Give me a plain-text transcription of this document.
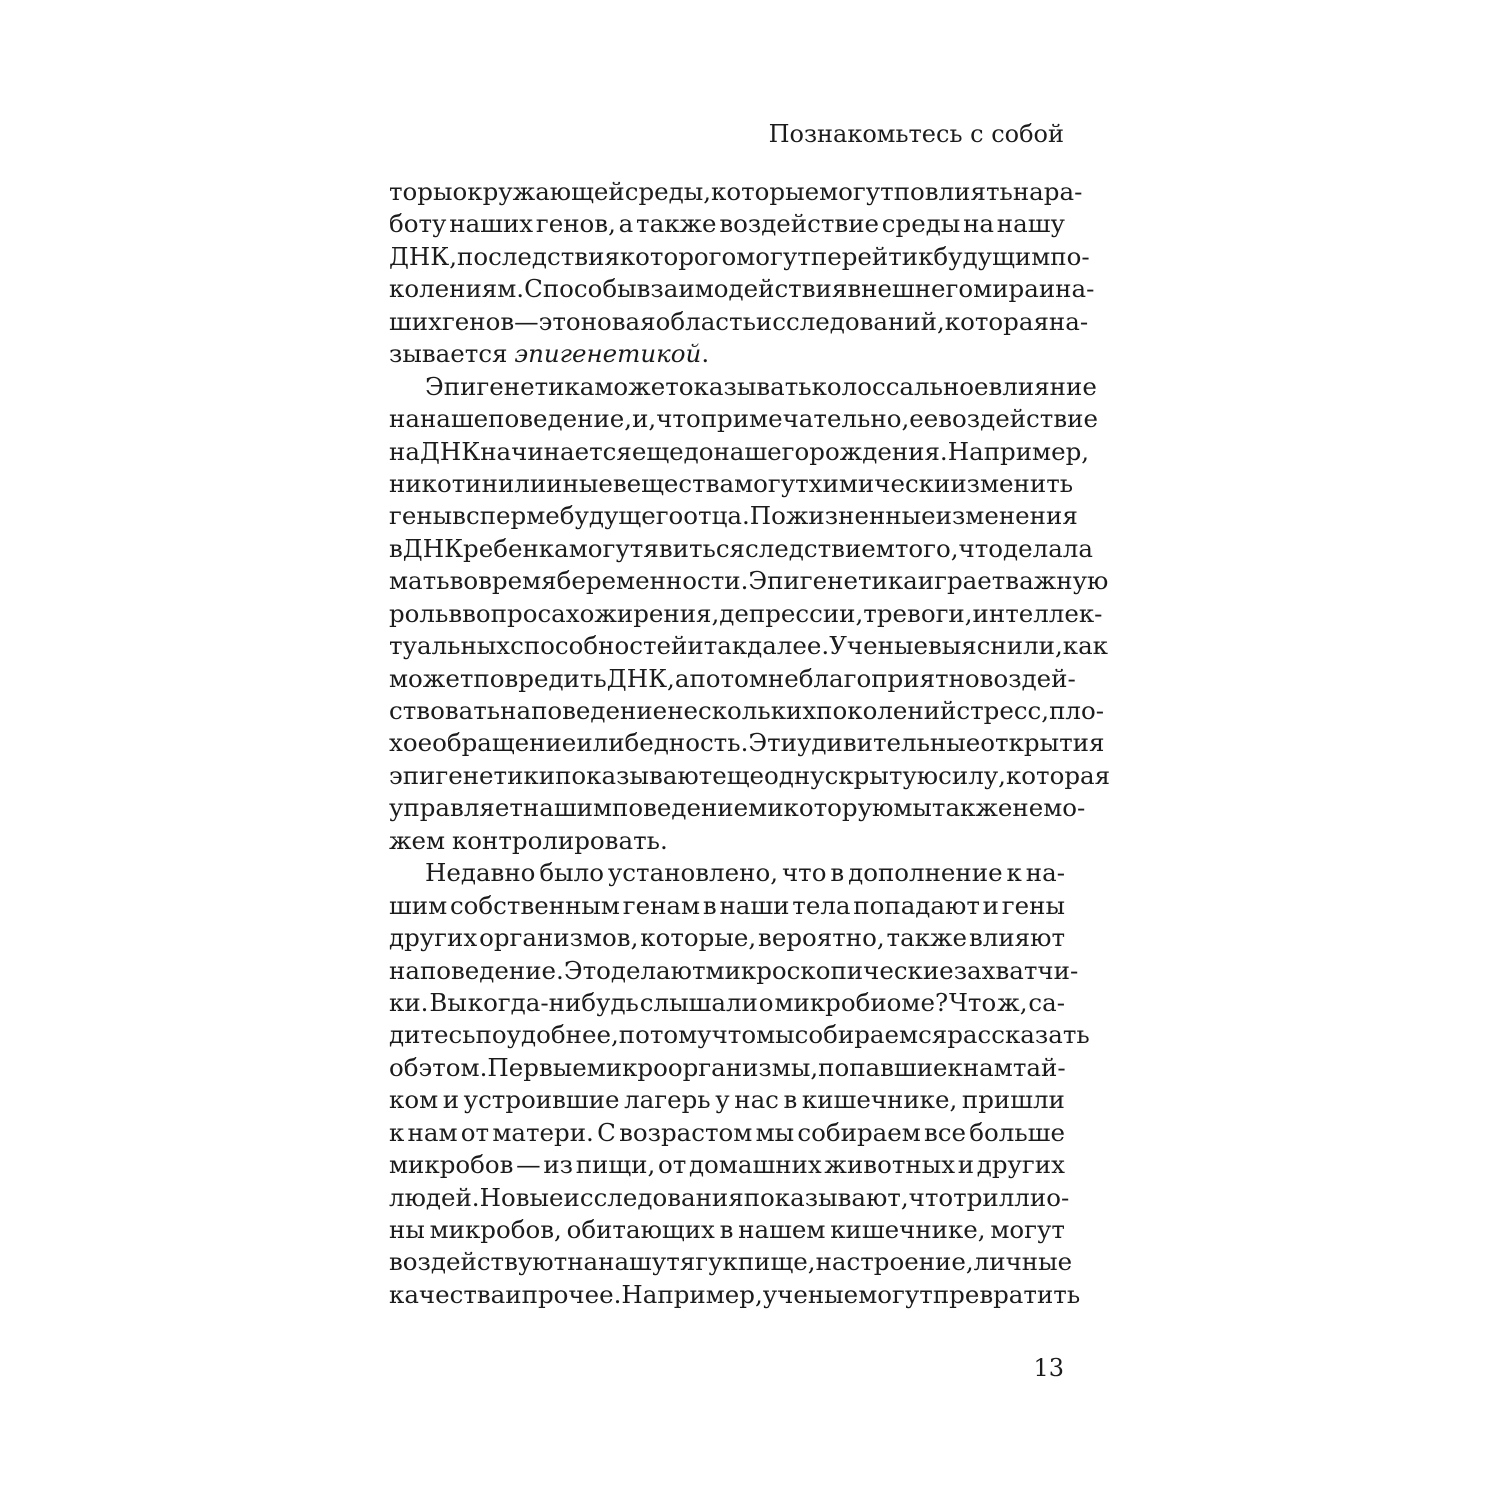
Познакомьтесь с собой
торы окружающей среды, которые могут повлиять на ра-
боту наших генов, а также воздействие среды на нашу
ДНК, последствия которого могут перейти к будущим по-
колениям. Способы взаимодействия внешнего мира и на-
ших генов — это новая область исследований, которая на-
зывается эпигенетикой.
Эпигенетика может оказывать колоссальное влияние
на наше поведение, и, что примечательно, ее воздействие
на ДНК начинается еще до нашего рождения. Например,
никотин или иные вещества могут химически изменить
гены в сперме будущего отца. Пожизненные изменения
в ДНК ребенка могут явиться следствием того, что делала
мать во время беременности. Эпигенетика играет важную
роль в вопросах ожирения, депрессии, тревоги, интеллек-
туальных способностей и так далее. Ученые выяснили, как
может повредить ДНК, а потом неблагоприятно воздей-
ствовать на поведение нескольких поколений стресс, пло-
хое обращение или бедность. Эти удивительные открытия
эпигенетики показывают еще одну скрытую силу, которая
управляет нашим поведением и которую мы также не мо-
жем контролировать.
Недавно было установлено, что в дополнение к на-
шим собственным генам в наши тела попадают и гены
других организмов, которые, вероятно, также влияют
на поведение. Это делают микроскопические захватчи-
ки. Вы когда-нибудь слышали о микробиоме? Что ж, са-
дитесь поудобнее, потому что мы собираемся рассказать
об этом. Первые микроорганизмы, попавшие к нам тай-
ком и устроившие лагерь у нас в кишечнике, пришли
к нам от матери. С возрастом мы собираем все больше
микробов — из пищи, от домашних животных и других
людей. Новые исследования показывают, что триллио-
ны микробов, обитающих в нашем кишечнике, могут
воздействуют на нашу тягу к пище, настроение, личные
качества и прочее. Например, ученые могут превратить
13
